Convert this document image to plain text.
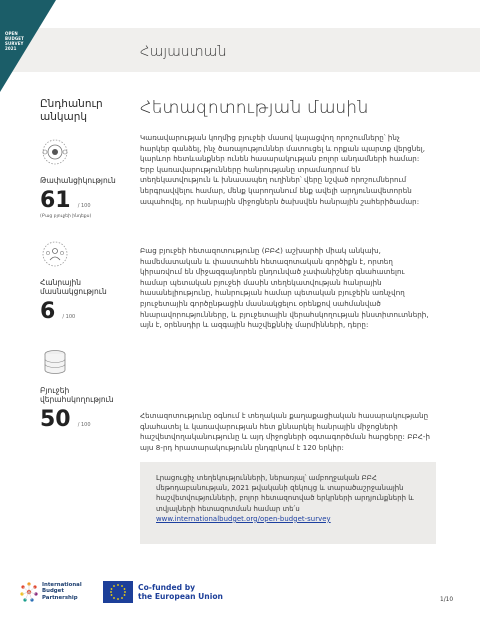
OPEN
BUDGET
SURVEY
2021	Հայաստան
Ընդհանուր
անկարկ
Թափանցիկություն
61 / 100
(Բաց բյուջեի ինդեքս)
Հանրային
մասնակցություն
6 / 100
Բյուջեի
վերահսկողություն
50 / 100
Հետազոտության մասին
Կառավարության կողմից բյուջեի մասով կայացվող որոշումները՝ ինչ հարկեր գանձել, ինչ ծառայություններ մատուցել և որքան պարտք վերցնել, կարևոր հետևանքներ ունեն հասարակության բոլոր անդամների համար: Երբ կառավարությունները հանրությանը տրամադրում են տեղեկատվություն և խնասապեղ ուղիներ՝ վերը նշված որոշումներում ներգրավվելու համար, մենք կարողանում ենք ավելի արդյունավետորեն ապահովել, որ հանրային միջոցներն ծախսվեն հանրային շահերիծամար:
Բաց բյուջեի հետազոտությունը (ԲԲՀ) աշխարհի միակ անկախ, համեմատական և փաստահեն հետազոտական գործիքն է, որտեղ կիրառվում են միջազգայնորեն ընդունված չափանիշներ գնահատելու համար պետական բյուջեի մասին տեղեկատվության հանրային հասանելիությունը, հանրության համար պետական բյուջեին առնչվող բյուջետային գործընթացին մասնակցելու օրենքով սահմանված հնարավորությունները, և բյուջետային վերահսկողության ինստիտուտների, այն է, օրենսդիր և ազգային հաշվեքննիչ մարմինների, դերը:
Հետազոտությունը օգնում է տեղական քաղաքացիական հասարակությանը գնահատել և կառավարության հետ քննարկել հանրային միջոցների հաշվետվողականությունը և այդ միջոցների օգտագործման հարցերը: ԲԲՀ-ի այս 8-րդ հրատարակությունն ընդգրկում է 120 երկիր:
Լրացուցիչ տեղեկությունների, ներառյալ՝ ամբողջական ԲԲՀ մեթոդաբանության, 2021 թվականի զեկույց և տարածաշրջանային հաշվետվությունների, բոլոր հետազոտված երկրների արդյունքների և տվյալների հետազոտման համար տե՛ս
www.internationalbudget.org/open-budget-survey
International
Budget
Partnership
Co-funded by
the European Union	1/10
